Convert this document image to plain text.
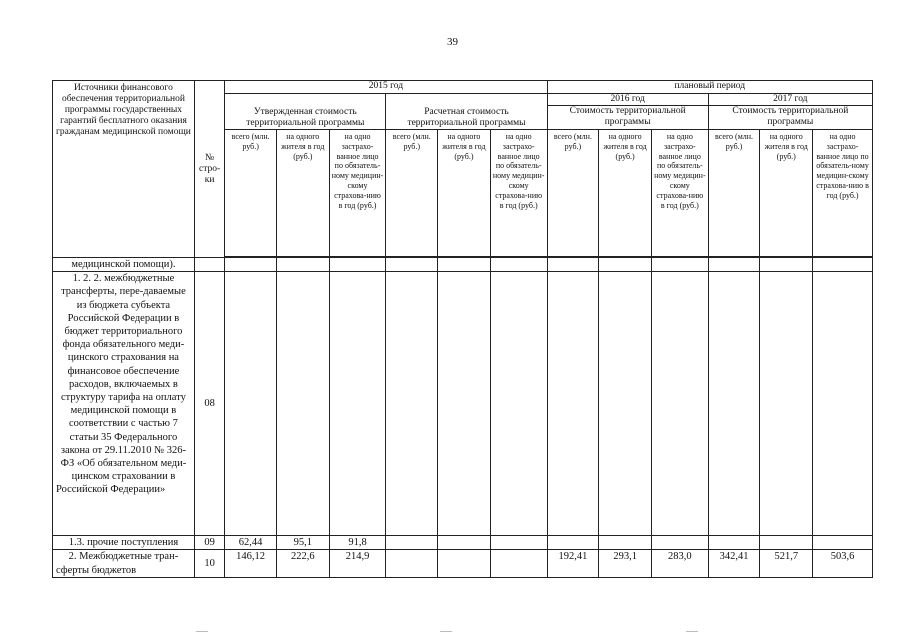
39
Источники финансового обеспечения территориальной программы государственных гарантий бесплатного оказания гражданам медицинской помощи	№ стро-ки	2015 год						плановый период					
		Утвержденная стоимость территориальной программы			Расчетная стоимость территориальной программы			2016 год			2017 год		
								Стоимость территориальной программы			Стоимость территориальной программы		
		всего (млн. руб.)	на одного жителя в год (руб.)	на одно застрахо-ванное лицо по обязатель-ному медицин-скому страхова-нию в год (руб.)	всего (млн. руб.)	на одного жителя в год (руб.)	на одно застрахо-ванное лицо по обязатель-ному медицин-скому страхова-нию в год (руб.)	всего (млн. руб.)	на одного жителя в год (руб.)	на одно застрахо-ванное лицо по обязатель-ному медицин-скому страхова-нию в год (руб.)	всего (млн. руб.)	на одного жителя в год (руб.)	на одно застрахо-ванное лицо по обязатель-ному медицин-скому страхова-нию в год (руб.)

медицинской помощи).													
1. 2. 2. межбюджетные трансферты, пере-даваемые из бюджета субъекта Российской Федерации в бюджет территориального фонда обязательного меди-цинского страхования на финансовое обеспечение расходов, включаемых в структуру тарифа на оплату медицинской помощи в соответствии с частью 7 статьи 35 Федерального закона от 29.11.2010 № 326-ФЗ «Об обязательном меди-цинском страховании в Российской Федерации»	08												
1.3. прочие поступления	09	62,44	95,1	91,8									
2. Межбюджетные тран-сферты бюджетов	10	146,12	222,6	214,9				192,41	293,1	283,0	342,41	521,7	503,6
